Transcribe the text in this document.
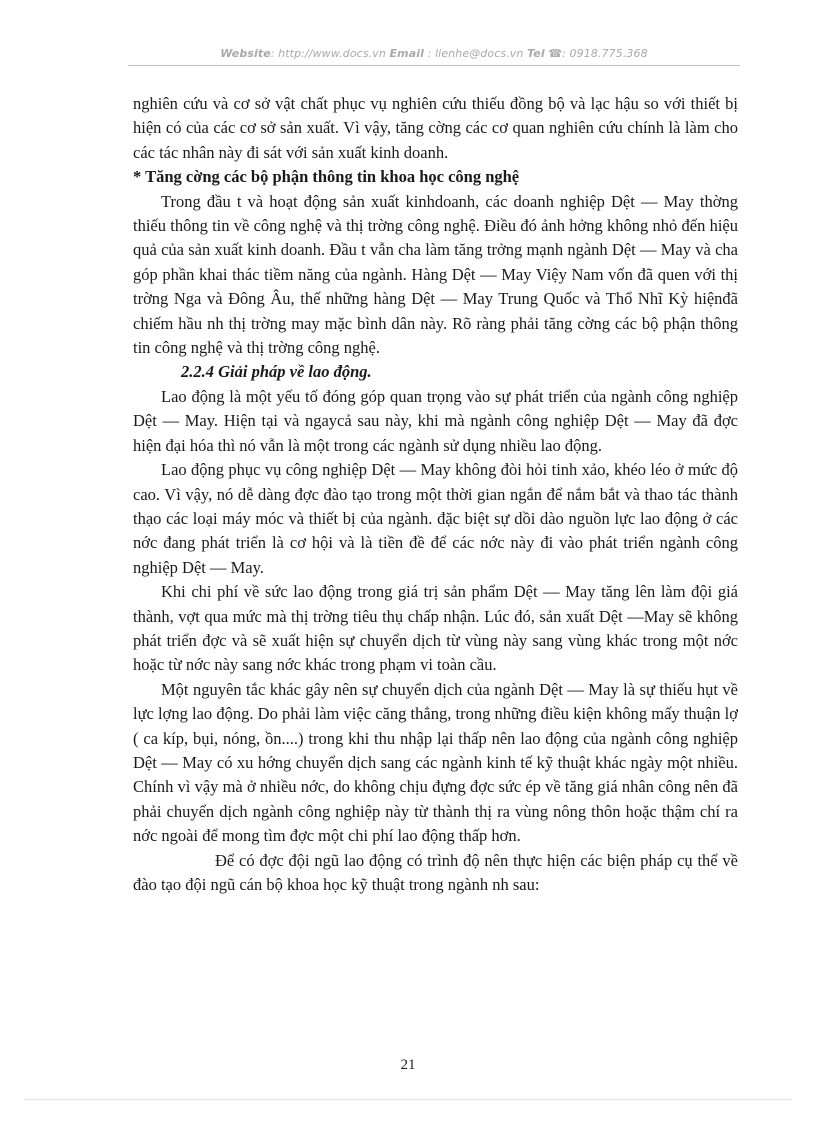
Website: http://www.docs.vn Email : lienhe@docs.vn Tel ☎: 0918.775.368

nghiên cứu và cơ sở vật chất phục vụ nghiên cứu thiếu đồng bộ và lạc hậu so với thiết bị hiện có của các cơ sở sản xuất. Vì vậy, tăng cờng các cơ quan nghiên cứu chính là làm cho các tác nhân này đi sát với sản xuất kinh doanh.

* Tăng cờng các bộ phận thông tin khoa học công nghệ

Trong đầu t và hoạt động sản xuất kinhdoanh, các doanh nghiệp Dệt — May thờng thiếu thông tin về công nghệ và thị trờng công nghệ. Điều đó ảnh hởng không nhỏ đến hiệu quả của sản xuất kinh doanh. Đầu t vẫn cha làm tăng trởng mạnh ngành Dệt — May và cha góp phần khai thác tiềm năng của ngành. Hàng Dệt — May Việy Nam vốn đã quen với thị trờng Nga và Đông Âu, thế những hàng Dệt — May Trung Quốc và Thổ Nhĩ Kỳ hiệnđã chiếm hầu nh thị trờng may mặc bình dân này. Rõ ràng phải tăng cờng các bộ phận thông tin công nghệ và thị trờng công nghệ.

2.2.4 Giải pháp về lao động.

Lao động là một yếu tố đóng góp quan trọng vào sự phát triển của ngành công nghiệp Dệt — May. Hiện tại và ngaycả sau này, khi mà ngành công nghiệp Dệt — May đã đợc hiện đại hóa thì nó vẫn là một trong các ngành sử dụng nhiều lao động.

Lao động phục vụ công nghiệp Dệt — May không đòi hỏi tinh xảo, khéo léo ở mức độ cao. Vì vậy, nó dễ dàng đợc đào tạo trong một thời gian ngắn để nắm bắt và thao tác thành thạo các loại máy móc và thiết bị của ngành. đặc biệt sự dồi dào nguồn lực lao động ở các nớc đang phát triển là cơ hội và là tiền đề để các nớc này đi vào phát triển ngành công nghiệp Dệt — May.

Khi chi phí về sức lao động trong giá trị sản phẩm Dệt — May tăng lên làm đội giá thành, vợt qua mức mà thị trờng tiêu thụ chấp nhận. Lúc đó, sản xuất Dệt —May sẽ không phát triển đợc và sẽ xuất hiện sự chuyển dịch từ vùng này sang vùng khác trong một nớc hoặc từ nớc này sang nớc khác trong phạm vi toàn cầu.

Một nguyên tắc khác gây nên sự chuyển dịch của ngành Dệt — May là sự thiếu hụt về lực lợng lao động. Do phải làm việc căng thẳng, trong những điều kiện không mấy thuận lợ ( ca kíp, bụi, nóng, ồn....) trong khi thu nhập lại thấp nên lao động của ngành công nghiệp Dệt — May có xu hớng chuyển dịch sang các ngành kinh tế kỹ thuật khác ngày một nhiều. Chính vì vậy mà ở nhiều nớc, do không chịu đựng đợc sức ép về tăng giá nhân công nên đã phải chuyển dịch ngành công nghiệp này từ thành thị ra vùng nông thôn hoặc thậm chí ra nớc ngoài để mong tìm đợc một chi phí lao động thấp hơn.

Để có đợc đội ngũ lao động có trình độ nên thực hiện các biện pháp cụ thể về đào tạo đội ngũ cán bộ khoa học kỹ thuật trong ngành nh sau:

21
